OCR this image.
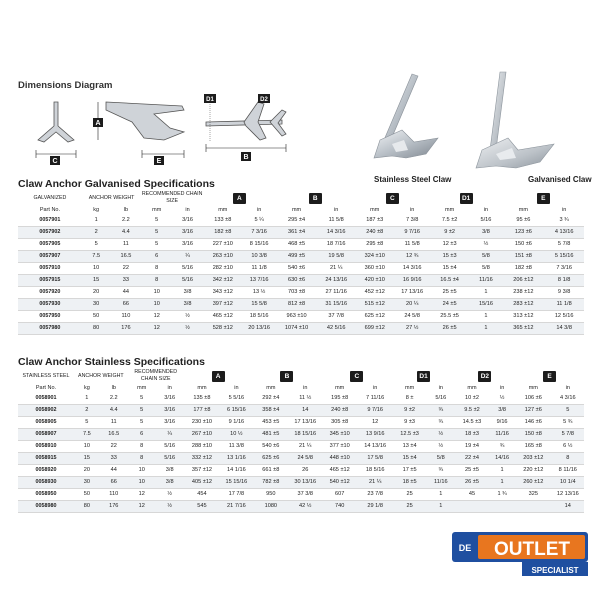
Dimensions Diagram
C
A
E
D1	D2
B
Stainless Steel Claw	Galvanised Claw
Claw Anchor Galvanised Specifications
GALVANIZED	ANCHOR WEIGHT		RECOMMENDED CHAIN SIZE		A		B		C		D1		E	
Part No.	kg	lb	mm	in	mm	in	mm	in	mm	in	mm	in	mm	in
0057901	1	2.2	5	3/16	133 ±8	5 ¼	295 ±4	11 5/8	187 ±3	7 3/8	7.5 ±2	5/16	95 ±6	3 ¾
0057902	2	4.4	5	3/16	182 ±8	7 3/16	361 ±4	14 3/16	240 ±8	9 7/16	9 ±2	3/8	123 ±6	4 13/16
0057905	5	11	5	3/16	227 ±10	8 15/16	468 ±5	18 7/16	295 ±8	11 5/8	12 ±3	½	150 ±6	5 7/8
0057907	7.5	16.5	6	¼	263 ±10	10 3/8	499 ±5	19 5/8	324 ±10	12 ¾	15 ±3	5/8	151 ±8	5 15/16
0057910	10	22	8	5/16	282 ±10	11 1/8	540 ±6	21 ¼	360 ±10	14 3/16	15 ±4	5/8	182 ±8	7 3/16
0057915	15	33	8	5/16	342 ±12	13 7/16	630 ±6	24 13/16	420 ±10	16 9/16	16.5 ±4	11/16	206 ±12	8 1/8
0057920	20	44	10	3/8	343 ±12	13 ½	703 ±8	27 11/16	452 ±12	17 13/16	25 ±5	1	238 ±12	9 3/8
0057930	30	66	10	3/8	397 ±12	15 5/8	812 ±8	31 15/16	515 ±12	20 ¼	24 ±5	15/16	283 ±12	11 1/8
0057950	50	110	12	½	465 ±12	18 5/16	963 ±10	37 7/8	625 ±12	24 5/8	25.5 ±5	1	313 ±12	12 5/16
0057980	80	176	12	½	528 ±12	20 13/16	1074 ±10	42 5/16	699 ±12	27 ½	26 ±5	1	365 ±12	14 3/8
Claw Anchor Stainless Specifications
STAINLESS STEEL	ANCHOR WEIGHT		RECOMMENDED CHAIN SIZE		A		B		C		D1		D2		E	
Part No.	kg	lb	mm	in	mm	in	mm	in	mm	in	mm	in	mm	in	mm	in
0058901	1	2.2	5	3/16	135 ±8	5 5/16	292 ±4	11 ½	195 ±8	7 11/16	8 ±	5/16	10 ±2	½	106 ±6	4 3/16
0058902	2	4.4	5	3/16	177 ±8	6 15/16	358 ±4	14	240 ±8	9 7/16	9 ±2	¾	9.5 ±2	3/8	127 ±6	5
0058905	5	11	5	3/16	230 ±10	9 1/16	453 ±5	17 13/16	305 ±8	12	9 ±3	¾	14.5 ±3	9/16	146 ±6	5 ¾
0058907	7.5	16.5	6	¼	267 ±10	10 ½	481 ±5	18 15/16	345 ±10	13 9/16	12.5 ±3	½	18 ±3	11/16	150 ±8	5 7/8
0058910	10	22	8	5/16	288 ±10	11 3/8	540 ±6	21 ¼	377 ±10	14 13/16	13 ±4	½	19 ±4	¾	165 ±8	6 ½
0058915	15	33	8	5/16	332 ±12	13 1/16	625 ±6	24 5/8	448 ±10	17 5/8	15 ±4	5/8	22 ±4	14/16	203 ±12	8
0058920	20	44	10	3/8	357 ±12	14 1/16	661 ±8	26	465 ±12	18 5/16	17 ±5	¾	25 ±5	1	220 ±12	8 11/16
0058930	30	66	10	3/8	405 ±12	15 15/16	782 ±8	30 13/16	540 ±12	21 ¼	18 ±5	11/16	26 ±5	1	260 ±12	10 1/4
0058950	50	110	12	½	454	17 7/8	950	37 3/8	607	23 7/8	25	1	45	1 ¾	325	12 13/16
0058980	80	176	12	½	545	21 7/16	1080	42 ½	740	29 1/8	25	1				14
DE OUTLET
SPECIALIST
